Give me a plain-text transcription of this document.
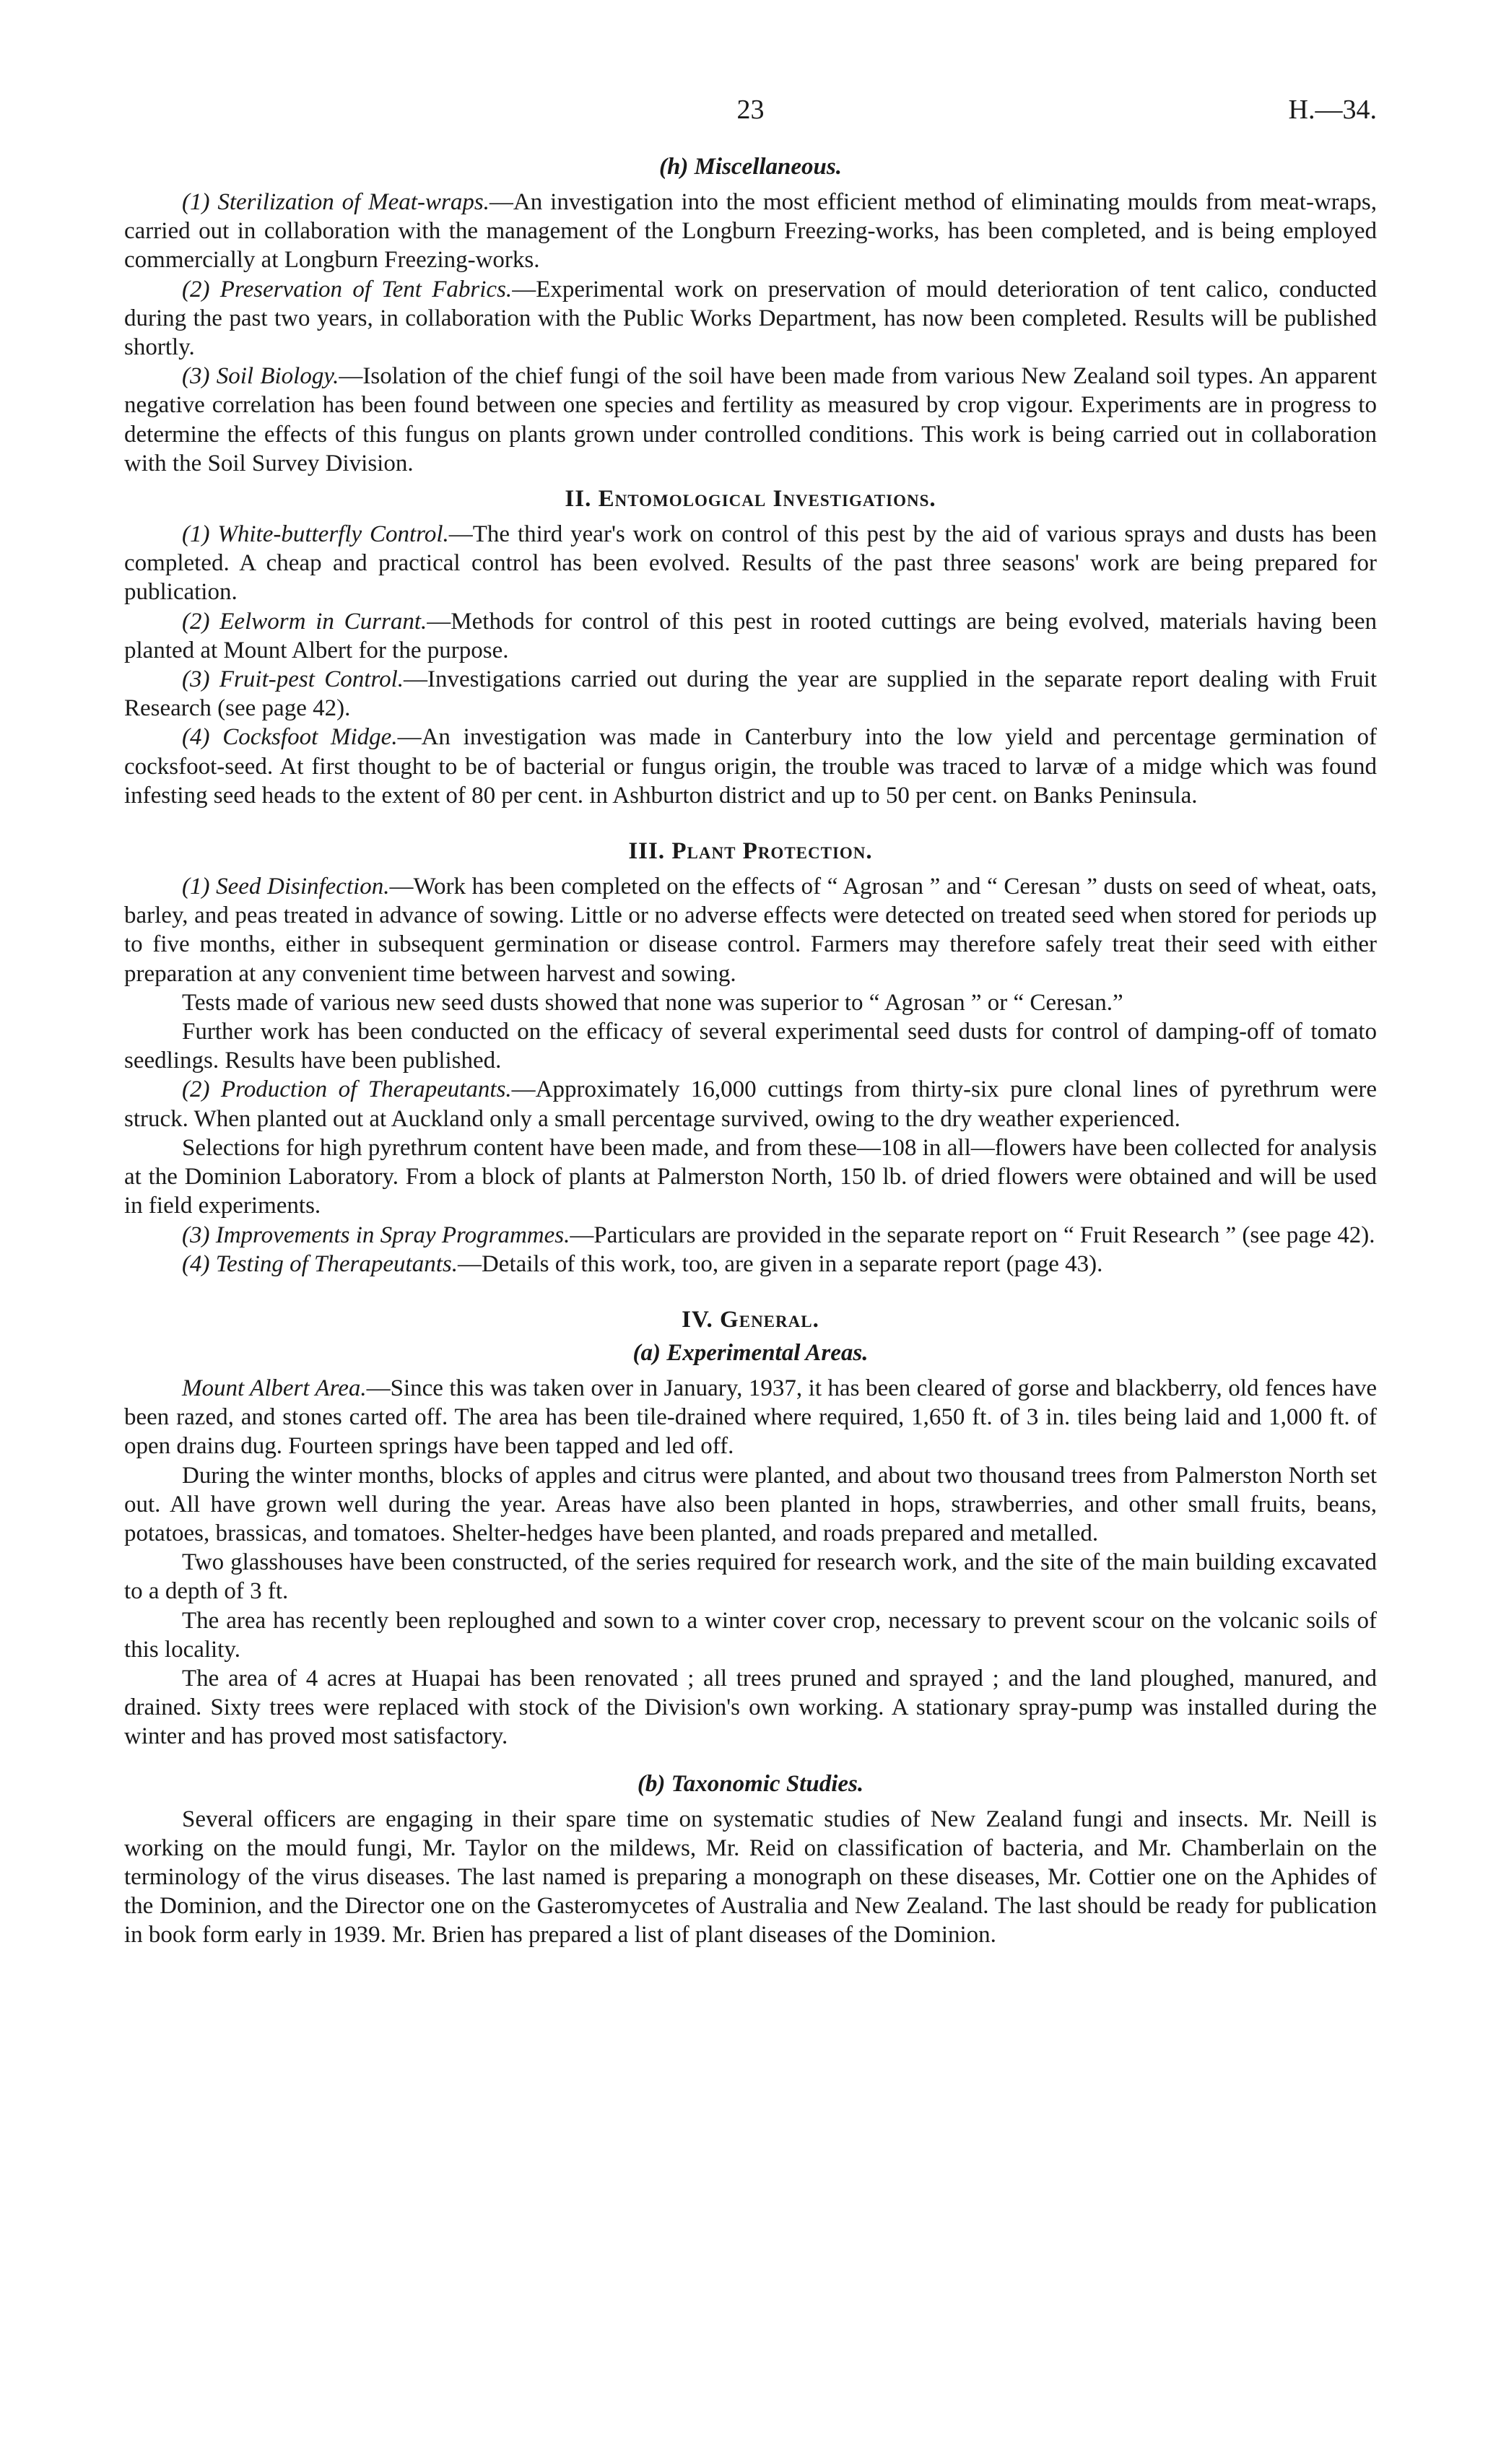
23	H.—34.
(h) Miscellaneous.

(1) Sterilization of Meat-wraps.—An investigation into the most efficient method of eliminating moulds from meat-wraps, carried out in collaboration with the management of the Longburn Freezing-works, has been completed, and is being employed commercially at Longburn Freezing-works.

(2) Preservation of Tent Fabrics.—Experimental work on preservation of mould deterioration of tent calico, conducted during the past two years, in collaboration with the Public Works Department, has now been completed. Results will be published shortly.

(3) Soil Biology.—Isolation of the chief fungi of the soil have been made from various New Zealand soil types. An apparent negative correlation has been found between one species and fertility as measured by crop vigour. Experiments are in progress to determine the effects of this fungus on plants grown under controlled conditions. This work is being carried out in collaboration with the Soil Survey Division.

II. Entomological Investigations.

(1) White-butterfly Control.—The third year's work on control of this pest by the aid of various sprays and dusts has been completed. A cheap and practical control has been evolved. Results of the past three seasons' work are being prepared for publication.

(2) Eelworm in Currant.—Methods for control of this pest in rooted cuttings are being evolved, materials having been planted at Mount Albert for the purpose.

(3) Fruit-pest Control.—Investigations carried out during the year are supplied in the separate report dealing with Fruit Research (see page 42).

(4) Cocksfoot Midge.—An investigation was made in Canterbury into the low yield and percentage germination of cocksfoot-seed. At first thought to be of bacterial or fungus origin, the trouble was traced to larvæ of a midge which was found infesting seed heads to the extent of 80 per cent. in Ashburton district and up to 50 per cent. on Banks Peninsula.

III. Plant Protection.

(1) Seed Disinfection.—Work has been completed on the effects of “ Agrosan ” and “ Ceresan ” dusts on seed of wheat, oats, barley, and peas treated in advance of sowing. Little or no adverse effects were detected on treated seed when stored for periods up to five months, either in subsequent germination or disease control. Farmers may therefore safely treat their seed with either preparation at any convenient time between harvest and sowing.

Tests made of various new seed dusts showed that none was superior to “ Agrosan ” or “ Ceresan.”

Further work has been conducted on the efficacy of several experimental seed dusts for control of damping-off of tomato seedlings. Results have been published.

(2) Production of Therapeutants.—Approximately 16,000 cuttings from thirty-six pure clonal lines of pyrethrum were struck. When planted out at Auckland only a small percentage survived, owing to the dry weather experienced.

Selections for high pyrethrum content have been made, and from these—108 in all—flowers have been collected for analysis at the Dominion Laboratory. From a block of plants at Palmerston North, 150 lb. of dried flowers were obtained and will be used in field experiments.

(3) Improvements in Spray Programmes.—Particulars are provided in the separate report on “ Fruit Research ” (see page 42).

(4) Testing of Therapeutants.—Details of this work, too, are given in a separate report (page 43).

IV. General.
(a) Experimental Areas.

Mount Albert Area.—Since this was taken over in January, 1937, it has been cleared of gorse and blackberry, old fences have been razed, and stones carted off. The area has been tile-drained where required, 1,650 ft. of 3 in. tiles being laid and 1,000 ft. of open drains dug. Fourteen springs have been tapped and led off.

During the winter months, blocks of apples and citrus were planted, and about two thousand trees from Palmerston North set out. All have grown well during the year. Areas have also been planted in hops, strawberries, and other small fruits, beans, potatoes, brassicas, and tomatoes. Shelter-hedges have been planted, and roads prepared and metalled.

Two glasshouses have been constructed, of the series required for research work, and the site of the main building excavated to a depth of 3 ft.

The area has recently been reploughed and sown to a winter cover crop, necessary to prevent scour on the volcanic soils of this locality.

The area of 4 acres at Huapai has been renovated ; all trees pruned and sprayed ; and the land ploughed, manured, and drained. Sixty trees were replaced with stock of the Division's own working. A stationary spray-pump was installed during the winter and has proved most satisfactory.

(b) Taxonomic Studies.

Several officers are engaging in their spare time on systematic studies of New Zealand fungi and insects. Mr. Neill is working on the mould fungi, Mr. Taylor on the mildews, Mr. Reid on classification of bacteria, and Mr. Chamberlain on the terminology of the virus diseases. The last named is preparing a monograph on these diseases, Mr. Cottier one on the Aphides of the Dominion, and the Director one on the Gasteromycetes of Australia and New Zealand. The last should be ready for publication in book form early in 1939. Mr. Brien has prepared a list of plant diseases of the Dominion.
